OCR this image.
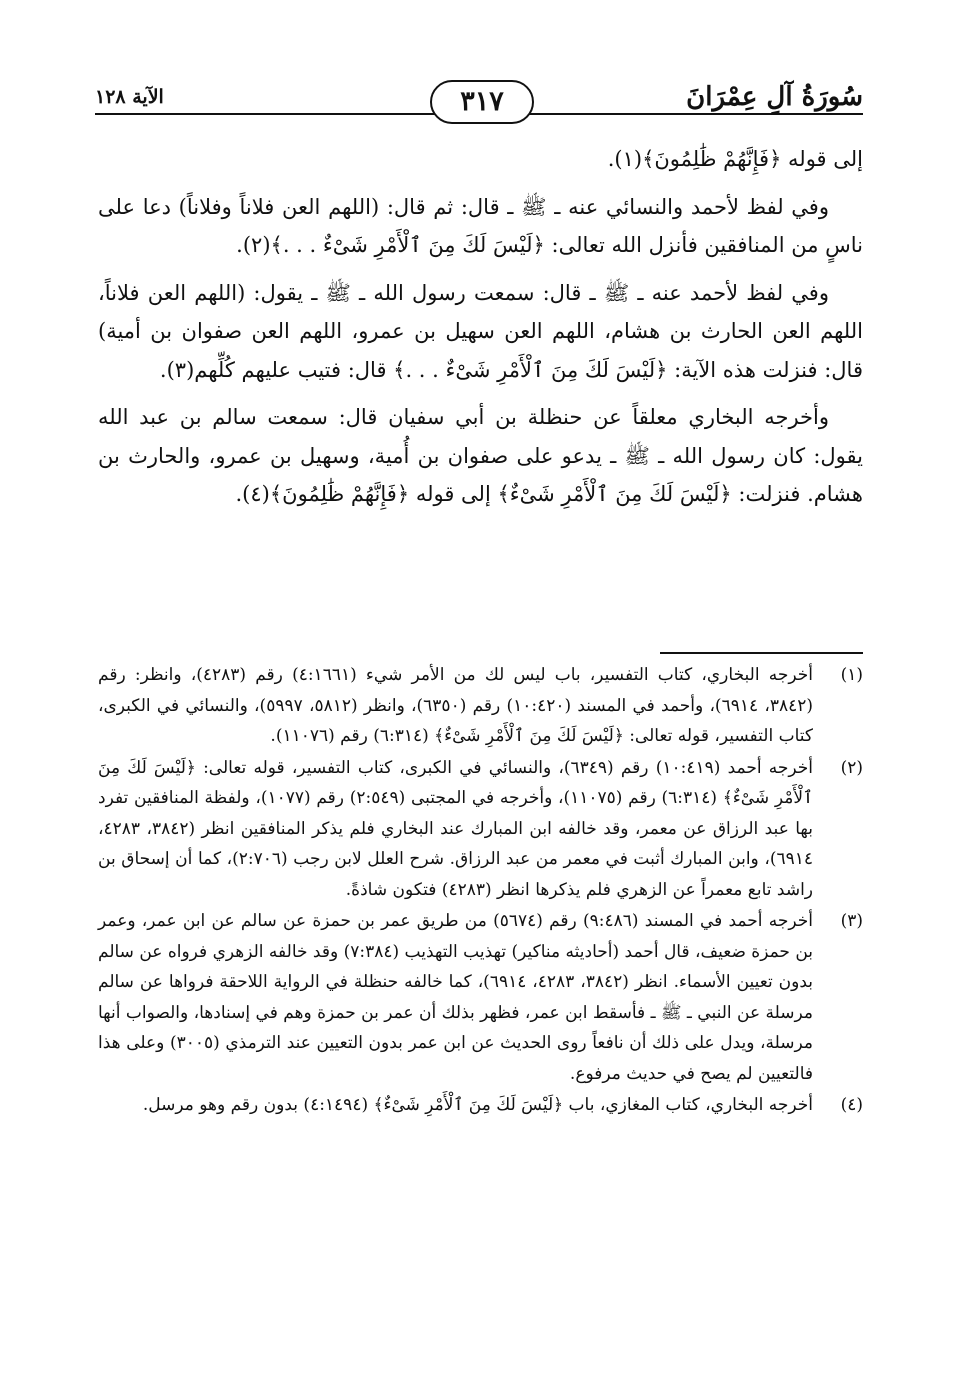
سُورَةُ آلِ عِمْرَانَ
٣١٧
الآية ١٢٨

إلى قوله ﴿فَإِنَّهُمْ ظَٰلِمُونَ﴾(١).

وفي لفظ لأحمد والنسائي عنه ـ ﷺ ـ قال: ثم قال: (اللهم العن فلاناً وفلاناً) دعا على ناسٍ من المنافقين فأنزل الله تعالى: ﴿لَيْسَ لَكَ مِنَ ٱلْأَمْرِ شَىْءٌ . . .﴾(٢).

وفي لفظ لأحمد عنه ـ ﷺ ـ قال: سمعت رسول الله ـ ﷺ ـ يقول: (اللهم العن فلاناً، اللهم العن الحارث بن هشام، اللهم العن سهيل بن عمرو، اللهم العن صفوان بن أمية) قال: فنزلت هذه الآية: ﴿لَيْسَ لَكَ مِنَ ٱلْأَمْرِ شَىْءٌ . . .﴾ قال: فتيب عليهم كُلِّهم(٣).

وأخرجه البخاري معلقاً عن حنظلة بن أبي سفيان قال: سمعت سالم بن عبد الله يقول: كان رسول الله ـ ﷺ ـ يدعو على صفوان بن أُمية، وسهيل بن عمرو، والحارث بن هشام. فنزلت: ﴿لَيْسَ لَكَ مِنَ ٱلْأَمْرِ شَىْءٌ﴾ إلى قوله ﴿فَإِنَّهُمْ ظَٰلِمُونَ﴾(٤).

(١)
أخرجه البخاري، كتاب التفسير، باب ليس لك من الأمر شيء (٤:١٦٦١) رقم (٤٢٨٣)، وانظر: رقم (٣٨٤٢، ٦٩١٤)، وأحمد في المسند (١٠:٤٢٠) رقم (٦٣٥٠)، وانظر (٥٨١٢، ٥٩٩٧)، والنسائي في الكبرى، كتاب التفسير، قوله تعالى: ﴿لَيْسَ لَكَ مِنَ ٱلْأَمْرِ شَىْءٌ﴾ (٦:٣١٤) رقم (١١٠٧٦).
(٢)
أخرجه أحمد (١٠:٤١٩) رقم (٦٣٤٩)، والنسائي في الكبرى، كتاب التفسير، قوله تعالى: ﴿لَيْسَ لَكَ مِنَ ٱلْأَمْرِ شَىْءٌ﴾ (٦:٣١٤) رقم (١١٠٧٥)، وأخرجه في المجتبى (٢:٥٤٩) رقم (١٠٧٧)، ولفظة المنافقين تفرد بها عبد الرزاق عن معمر، وقد خالفه ابن المبارك عند البخاري فلم يذكر المنافقين انظر (٣٨٤٢، ٤٢٨٣، ٦٩١٤)، وابن المبارك أثبت في معمر من عبد الرزاق. شرح العلل لابن رجب (٢:٧٠٦)، كما أن إسحاق بن راشد تابع معمراً عن الزهري فلم يذكرها انظر (٤٢٨٣) فتكون شاذةً.
(٣)
أخرجه أحمد في المسند (٩:٤٨٦) رقم (٥٦٧٤) من طريق عمر بن حمزة عن سالم عن ابن عمر، وعمر بن حمزة ضعيف، قال أحمد (أحاديثه مناكير) تهذيب التهذيب (٧:٣٨٤) وقد خالفه الزهري فرواه عن سالم بدون تعيين الأسماء. انظر (٣٨٤٢، ٤٢٨٣، ٦٩١٤)، كما خالفه حنظلة في الرواية اللاحقة فرواها عن سالم مرسلة عن النبي ـ ﷺ ـ فأسقط ابن عمر، فظهر بذلك أن عمر بن حمزة وهم في إسنادها، والصواب أنها مرسلة، ويدل على ذلك أن نافعاً روى الحديث عن ابن عمر بدون التعيين عند الترمذي (٣٠٠٥) وعلى هذا فالتعيين لم يصح في حديث مرفوع.
(٤)
أخرجه البخاري، كتاب المغازي، باب ﴿لَيْسَ لَكَ مِنَ ٱلْأَمْرِ شَىْءٌ﴾ (٤:١٤٩٤) بدون رقم وهو مرسل.
